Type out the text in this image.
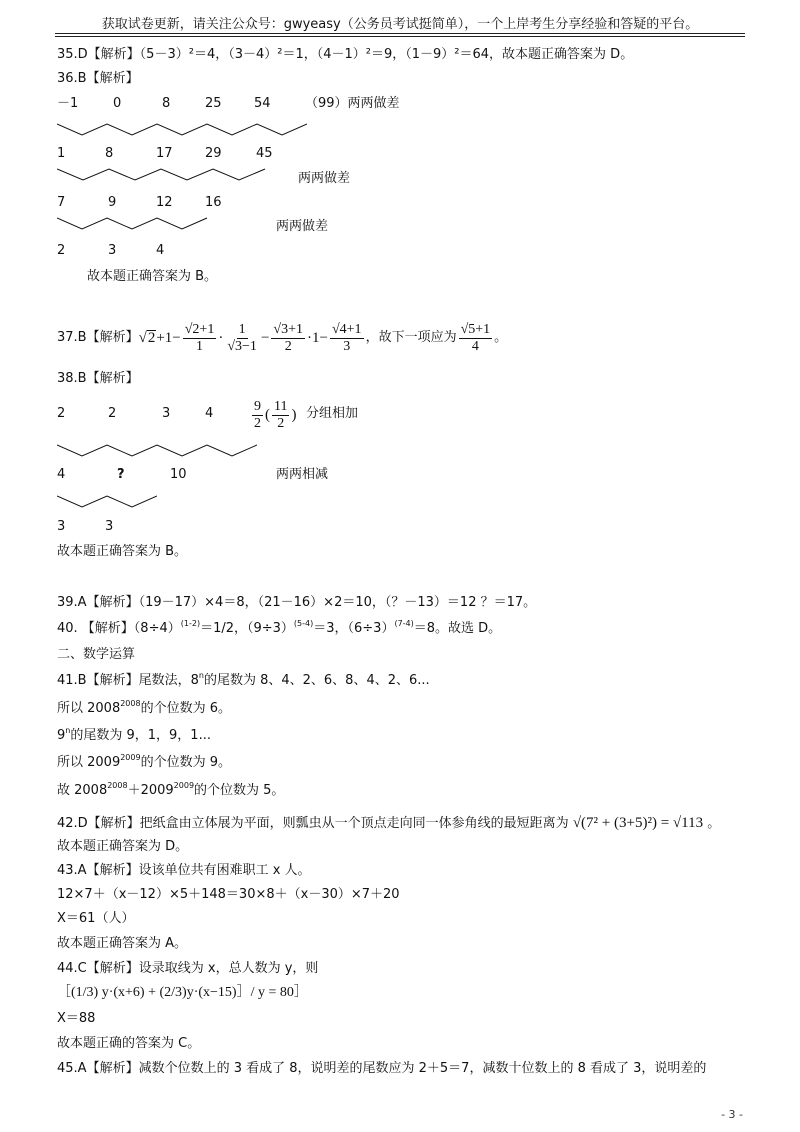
获取试卷更新，请关注公众号：gwyeasy（公务员考试挺简单），一个上岸考生分享经验和答疑的平台。
35.D【解析】（5－3）²＝4，（3－4）²＝1，（4－1）²＝9，（1－9）²＝64，故本题正确答案为 D。
36.B【解析】
－1	0	8	25 54	（99）两两做差
1	8	17 29	45
两两做差
7	9	12 16
两两做差
2	3	4
故本题正确答案为 B。
37.B【解析】 $√2+1- \frac{√2+1}{1} \cdot \frac{1}{√3-1} - \frac{√3+1}{2} \cdot 1- \frac{√4+1}{3}$ ，故下一项应为 $\frac{√5+1}{4}$ 。
38.B【解析】
2	2	3	4	$\frac{9}{2}$ ( $\frac{11}{2}$ ) 分组相加
4	?	10	两两相减
3	3
故本题正确答案为 B。
39.A【解析】（19－17）×4＝8，（21－16）×2＝10，（？－13）＝12 ？＝17。
40. 【解析】$(8\div 4)^{(1-2)}=1/2$，$(9\div 3)^{(5-4)}=3$，$(6\div 3)^{(7-4)}=8$。故选 D。
二、数学运算
41.B【解析】尾数法，8$^n$的尾数为 8、4、2、6、8、4、2、6...
所以 $2008^{2008}$的个位数为 6。
9$^n$的尾数为 9，1，9，1...
所以 $2009^{2009}$的个位数为 9。
故 $2008^{2008}+2009^{2009}$的个位数为 5。
42.D【解析】把纸盒由立体展为平面，则瓢虫从一个顶点走向同一体参角线的最短距离为 √(7² + (3+5)²) = √113 。
故本题正确答案为 D。
43.A【解析】设该单位共有困难职工 x 人。
12×7＋（x－12）×5＋148＝30×8＋（x－30）×7＋20
X＝61（人）
故本题正确答案为 A。
44.C【解析】设录取线为 x，总人数为 y，则
［(1/3) y·(x+6) + (2/3)y·(x−15)］/ y = 80］
X＝88
故本题正确的答案为 C。
45.A【解析】减数个位数上的 3 看成了 8，说明差的尾数应为 2＋5＝7，减数十位数上的 8 看成了 3，说明差的
- 3 -
